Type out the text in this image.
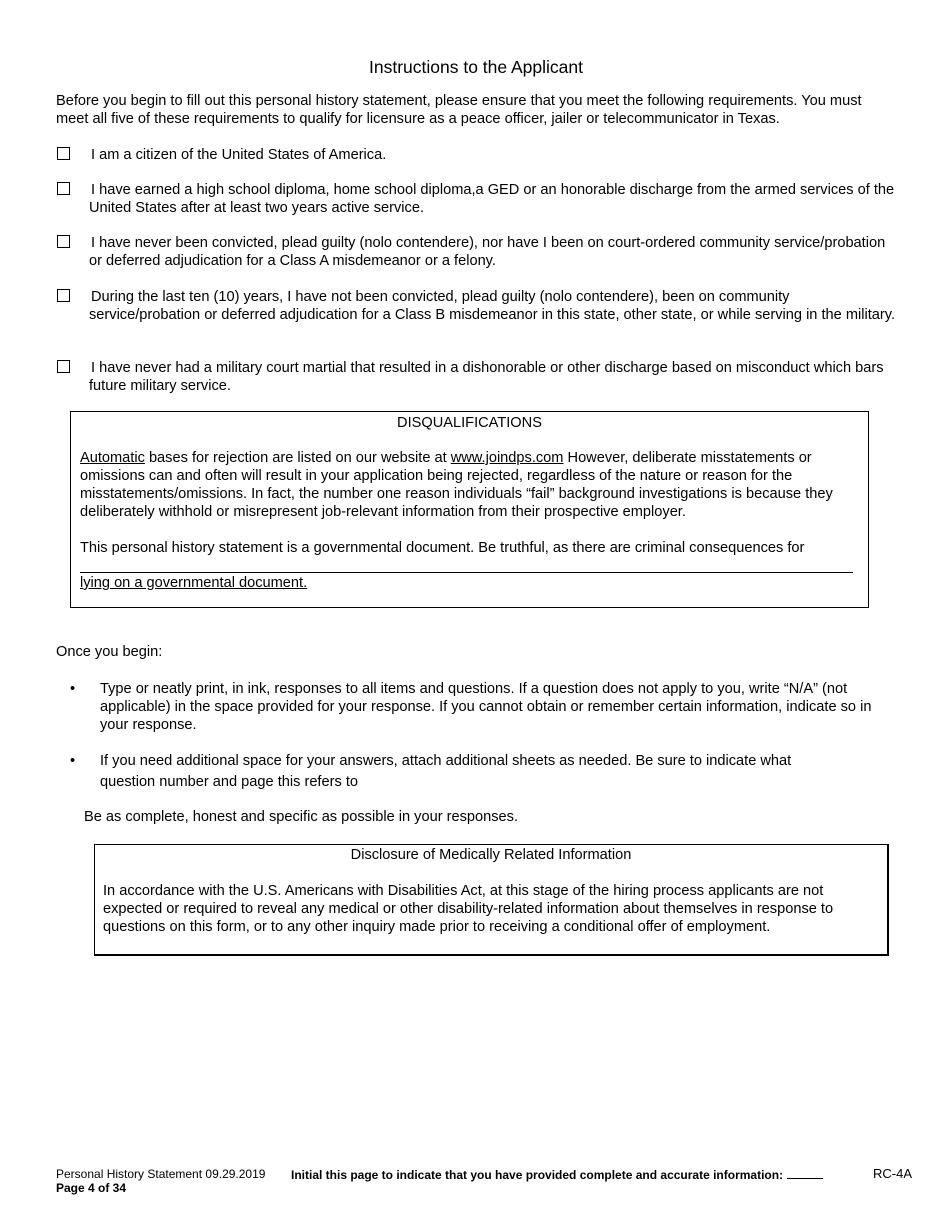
Instructions to the Applicant
Before you begin to fill out this personal history statement, please ensure that you meet the following requirements. You must meet all five of these requirements to qualify for licensure as a peace officer, jailer or telecommunicator in Texas.
I am a citizen of the United States of America.
I have earned a high school diploma, home school diploma,a GED or an honorable discharge from the armed services of the United States after at least two years active service.
I have never been convicted, plead guilty (nolo contendere), nor have I been on court-ordered community service/probation or deferred adjudication for a Class A misdemeanor or a felony.
During the last ten (10) years, I have not been convicted, plead guilty (nolo contendere), been on community service/probation or deferred adjudication for a Class B misdemeanor in this state, other state, or while serving in the military.
I have never had a military court martial that resulted in a dishonorable or other discharge based on misconduct which bars future military service.
DISQUALIFICATIONS
Automatic bases for rejection are listed on our website at www.joindps.com However, deliberate misstatements or omissions can and often will result in your application being rejected, regardless of the nature or reason for the misstatements/omissions. In fact, the number one reason individuals “fail” background investigations is because they deliberately withhold or misrepresent job-relevant information from their prospective employer.
This personal history statement is a governmental document. Be truthful, as there are criminal consequences for
lying on a governmental document.
Once you begin:
• Type or neatly print, in ink, responses to all items and questions. If a question does not apply to you, write “N/A” (not applicable) in the space provided for your response. If you cannot obtain or remember certain information, indicate so in your response.
• If you need additional space for your answers, attach additional sheets as needed. Be sure to indicate what
question number and page this refers to
Be as complete, honest and specific as possible in your responses.
Disclosure of Medically Related Information
In accordance with the U.S. Americans with Disabilities Act, at this stage of the hiring process applicants are not expected or required to reveal any medical or other disability-related information about themselves in response to questions on this form, or to any other inquiry made prior to receiving a conditional offer of employment.
Personal History Statement 09.29.2019
Page 4 of 34
Initial this page to indicate that you have provided complete and accurate information:	RC-4A
